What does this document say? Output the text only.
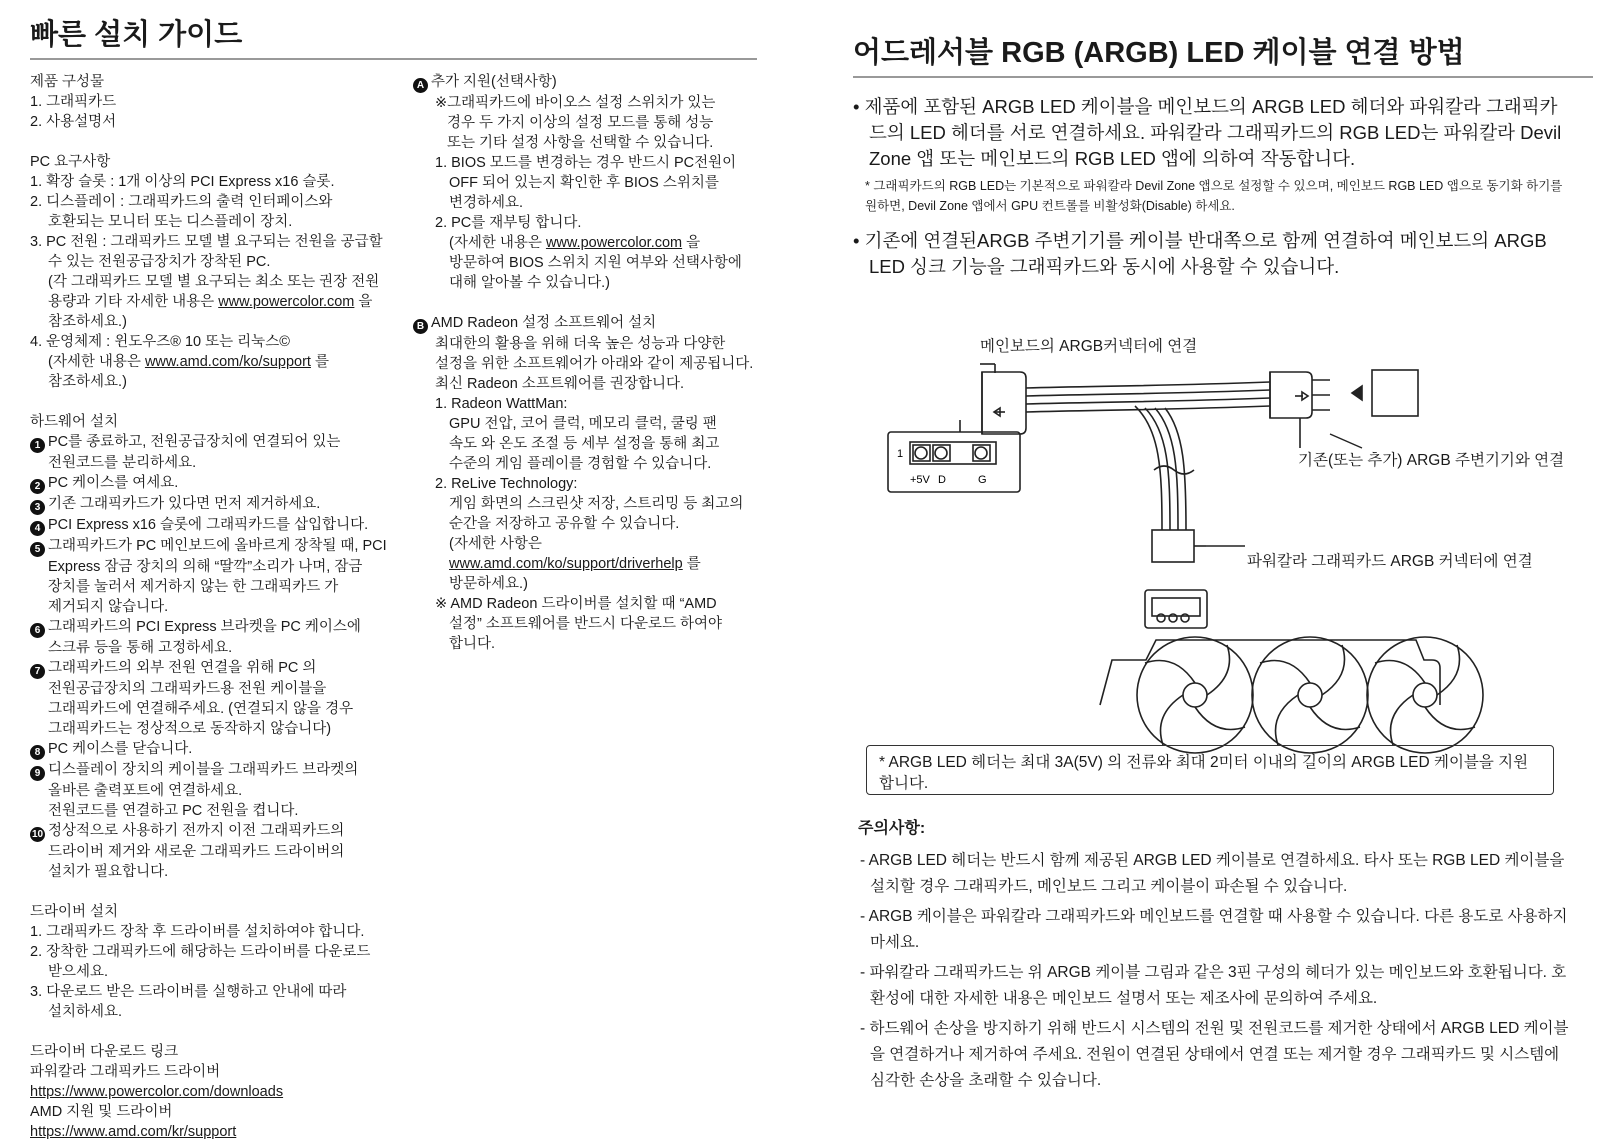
빠른 설치 가이드
어드레서블 RGB (ARGB) LED 케이블 연결 방법
제품 구성물
1. 그래픽카드
2. 사용설명서
PC 요구사항
1. 확장 슬롯 : 1개 이상의 PCI Express x16 슬롯.
2. 디스플레이 : 그래픽카드의 출력 인터페이스와
호환되는 모니터 또는 디스플레이 장치.
3. PC 전원 : 그래픽카드 모델 별 요구되는 전원을 공급할
수 있는 전원공급장치가 장착된 PC.
(각 그래픽카드 모델 별 요구되는 최소 또는 권장 전원
용량과 기타 자세한 내용은 www.powercolor.com 을
참조하세요.)
4. 운영체제 : 윈도우즈® 10 또는 리눅스©
(자세한 내용은 www.amd.com/ko/support 를
참조하세요.)
하드웨어 설치
1 PC를 종료하고, 전원공급장치에 연결되어 있는
전원코드를 분리하세요.
2 PC 케이스를 여세요.
3 기존 그래픽카드가 있다면 먼저 제거하세요.
4 PCI Express x16 슬롯에 그래픽카드를 삽입합니다.
5 그래픽카드가 PC 메인보드에 올바르게 장착될 때, PCI
Express 잠금 장치의 의해 “딸깍”소리가 나며, 잠금
장치를 눌러서 제거하지 않는 한 그래픽카드 가
제거되지 않습니다.
6 그래픽카드의 PCI Express 브라켓을 PC 케이스에
스크류 등을 통해 고정하세요.
7 그래픽카드의 외부 전원 연결을 위해 PC 의
전원공급장치의 그래픽카드용 전원 케이블을
그래픽카드에 연결해주세요. (연결되지 않을 경우
그래픽카드는 정상적으로 동작하지 않습니다)
8 PC 케이스를 닫습니다.
9 디스플레이 장치의 케이블을 그래픽카드 브라켓의
올바른 출력포트에 연결하세요.
전원코드를 연결하고 PC 전원을 켭니다.
10 정상적으로 사용하기 전까지 이전 그래픽카드의
드라이버 제거와 새로운 그래픽카드 드라이버의
설치가 필요합니다.
드라이버 설치
1. 그래픽카드 장착 후 드라이버를 설치하여야 합니다.
2. 장착한 그래픽카드에 해당하는 드라이버를 다운로드
받으세요.
3. 다운로드 받은 드라이버를 실행하고 안내에 따라
설치하세요.
드라이버 다운로드 링크
파워칼라 그래픽카드 드라이버
https://www.powercolor.com/downloads
AMD 지원 및 드라이버
https://www.amd.com/kr/support
A 추가 지원(선택사항)
※그래픽카드에 바이오스 설정 스위치가 있는
경우 두 가지 이상의 설정 모드를 통해 성능
또는 기타 설정 사항을 선택할 수 있습니다.
1. BIOS 모드를 변경하는 경우 반드시 PC전원이
OFF 되어 있는지 확인한 후 BIOS 스위치를
변경하세요.
2. PC를 재부팅 합니다.
(자세한 내용은 www.powercolor.com 을
방문하여 BIOS 스위치 지원 여부와 선택사항에
대해 알아볼 수 있습니다.)
B AMD Radeon 설정 소프트웨어 설치
최대한의 활용을 위해 더욱 높은 성능과 다양한
설정을 위한 소프트웨어가 아래와 같이 제공됩니다.
최신 Radeon 소프트웨어를 권장합니다.
1. Radeon WattMan:
GPU 전압, 코어 클럭, 메모리 클럭, 쿨링 팬
속도 와 온도 조절 등 세부 설정을 통해 최고
수준의 게임 플레이를 경험할 수 있습니다.
2. ReLive Technology:
게임 화면의 스크린샷 저장, 스트리밍 등 최고의
순간을 저장하고 공유할 수 있습니다.
(자세한 사항은
www.amd.com/ko/support/driverhelp 를
방문하세요.)
※ AMD Radeon 드라이버를 설치할 때 “AMD
설정” 소프트웨어를 반드시 다운로드 하여야
합니다.
• 제품에 포함된 ARGB LED 케이블을 메인보드의 ARGB LED 헤더와 파워칼라 그래픽카드의 LED 헤더를 서로 연결하세요. 파워칼라 그래픽카드의 RGB LED는 파워칼라 Devil Zone 앱 또는 메인보드의 RGB LED 앱에 의하여 작동합니다.
* 그래픽카드의 RGB LED는 기본적으로 파워칼라 Devil Zone 앱으로 설정할 수 있으며, 메인보드 RGB LED 앱으로 동기화 하기를 원하면, Devil Zone 앱에서 GPU 컨트롤를 비활성화(Disable) 하세요.
• 기존에 연결된ARGB 주변기기를 케이블 반대쪽으로 함께 연결하여 메인보드의 ARGB LED 싱크 기능을 그래픽카드와 동시에 사용할 수 있습니다.
메인보드의 ARGB커넥터에 연결
기존(또는 추가) ARGB 주변기기와 연결
파워칼라 그래픽카드 ARGB 커넥터에 연결
1
+5V D	G
* ARGB LED 헤더는 최대 3A(5V) 의 전류와 최대 2미터 이내의 길이의 ARGB LED 케이블을 지원합니다.
주의사항:
- ARGB LED 헤더는 반드시 함께 제공된 ARGB LED 케이블로 연결하세요. 타사 또는 RGB LED 케이블을 설치할 경우 그래픽카드, 메인보드 그리고 케이블이 파손될 수 있습니다.
- ARGB 케이블은 파워칼라 그래픽카드와 메인보드를 연결할 때 사용할 수 있습니다. 다른 용도로 사용하지 마세요.
- 파워칼라 그래픽카드는 위 ARGB 케이블 그림과 같은 3핀 구성의 헤더가 있는 메인보드와 호환됩니다. 호환성에 대한 자세한 내용은 메인보드 설명서 또는 제조사에 문의하여 주세요.
- 하드웨어 손상을 방지하기 위해 반드시 시스템의 전원 및 전원코드를 제거한 상태에서 ARGB LED 케이블을 연결하거나 제거하여 주세요. 전원이 연결된 상태에서 연결 또는 제거할 경우 그래픽카드 및 시스템에 심각한 손상을 초래할 수 있습니다.
